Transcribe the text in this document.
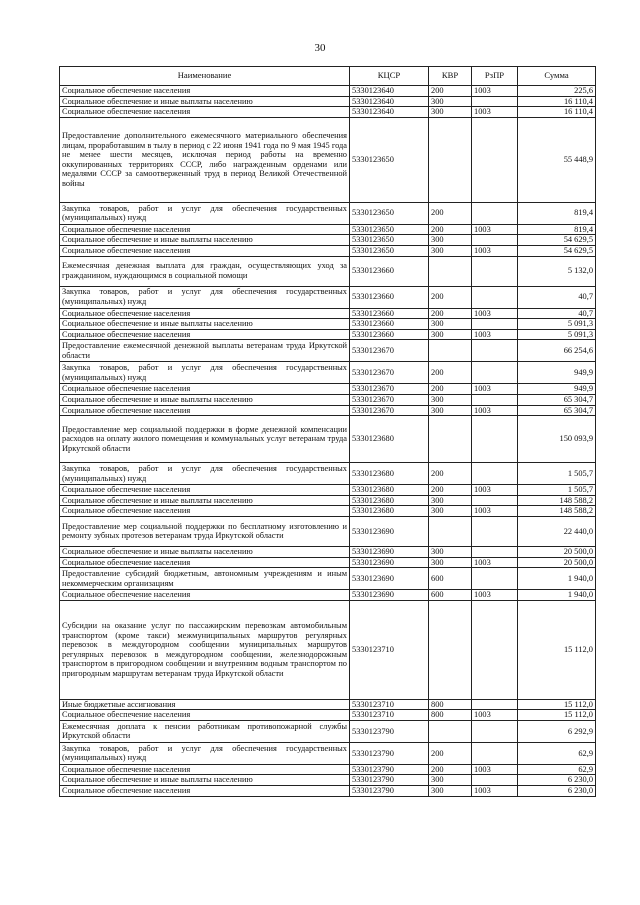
30
Наименование	КЦСР	КВР	РзПР	Сумма
Социальное обеспечение населения	5330123640	200	1003	225,6
Социальное обеспечение и иные выплаты населению	5330123640	300		16 110,4
Социальное обеспечение населения	5330123640	300	1003	16 110,4
Предоставление дополнительного ежемесячного материального обеспечения лицам, проработавшим в тылу в период с 22 июня 1941 года по 9 мая 1945 года не менее шести месяцев, исключая период работы на временно оккупированных территориях СССР, либо награжденным орденами или медалями СССР за самоотверженный труд в период Великой Отечественной войны	5330123650			55 448,9
Закупка товаров, работ и услуг для обеспечения государственных (муниципальных) нужд	5330123650	200		819,4
Социальное обеспечение населения	5330123650	200	1003	819,4
Социальное обеспечение и иные выплаты населению	5330123650	300		54 629,5
Социальное обеспечение населения	5330123650	300	1003	54 629,5
Ежемесячная денежная выплата для граждан, осуществляющих уход за гражданином, нуждающимся в социальной помощи	5330123660			5 132,0
Закупка товаров, работ и услуг для обеспечения государственных (муниципальных) нужд	5330123660	200		40,7
Социальное обеспечение населения	5330123660	200	1003	40,7
Социальное обеспечение и иные выплаты населению	5330123660	300		5 091,3
Социальное обеспечение населения	5330123660	300	1003	5 091,3
Предоставление ежемесячной денежной выплаты ветеранам труда Иркутской области	5330123670			66 254,6
Закупка товаров, работ и услуг для обеспечения государственных (муниципальных) нужд	5330123670	200		949,9
Социальное обеспечение населения	5330123670	200	1003	949,9
Социальное обеспечение и иные выплаты населению	5330123670	300		65 304,7
Социальное обеспечение населения	5330123670	300	1003	65 304,7
Предоставление мер социальной поддержки в форме денежной компенсации расходов на оплату жилого помещения и коммунальных услуг ветеранам труда Иркутской области	5330123680			150 093,9
Закупка товаров, работ и услуг для обеспечения государственных (муниципальных) нужд	5330123680	200		1 505,7
Социальное обеспечение населения	5330123680	200	1003	1 505,7
Социальное обеспечение и иные выплаты населению	5330123680	300		148 588,2
Социальное обеспечение населения	5330123680	300	1003	148 588,2
Предоставление мер социальной поддержки по бесплатному изготовлению и ремонту зубных протезов ветеранам труда Иркутской области	5330123690			22 440,0
Социальное обеспечение и иные выплаты населению	5330123690	300		20 500,0
Социальное обеспечение населения	5330123690	300	1003	20 500,0
Предоставление субсидий бюджетным, автономным учреждениям и иным некоммерческим организациям	5330123690	600		1 940,0
Социальное обеспечение населения	5330123690	600	1003	1 940,0
Субсидии на оказание услуг по пассажирским перевозкам автомобильным транспортом (кроме такси) межмуниципальных маршрутов регулярных перевозок в междугородном сообщении муниципальных маршрутов регулярных перевозок в междугородном сообщении, железнодорожным транспортом в пригородном сообщении и внутренним водным транспортом по пригородным маршрутам ветеранам труда Иркутской области	5330123710			15 112,0
Иные бюджетные ассигнования	5330123710	800		15 112,0
Социальное обеспечение населения	5330123710	800	1003	15 112,0
Ежемесячная доплата к пенсии работникам противопожарной службы Иркутской области	5330123790			6 292,9
Закупка товаров, работ и услуг для обеспечения государственных (муниципальных) нужд	5330123790	200		62,9
Социальное обеспечение населения	5330123790	200	1003	62,9
Социальное обеспечение и иные выплаты населению	5330123790	300		6 230,0
Социальное обеспечение населения	5330123790	300	1003	6 230,0
